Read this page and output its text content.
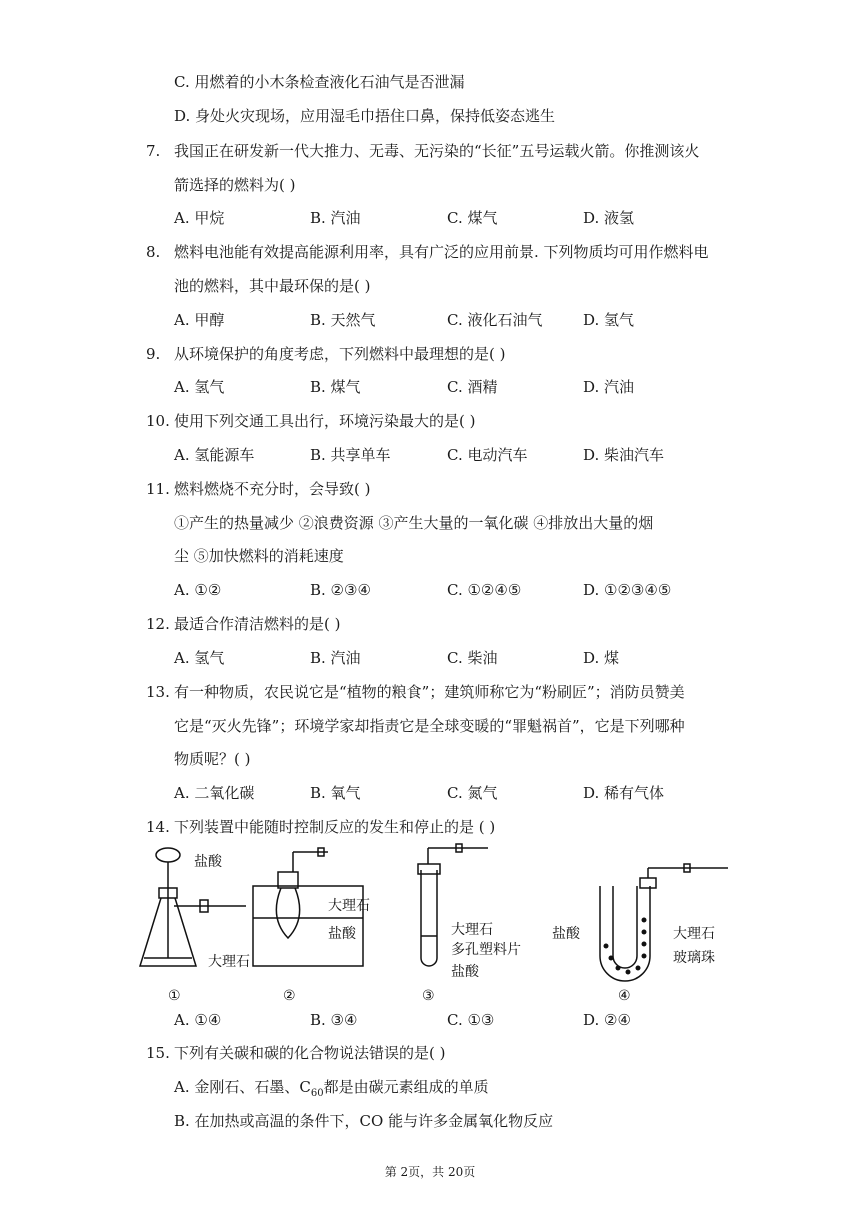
C. 用燃着的小木条检查液化石油气是否泄漏
D. 身处火灾现场，应用湿毛巾捂住口鼻，保持低姿态逃生
7. 我国正在研发新一代大推力、无毒、无污染的“长征”五号运载火箭。你推测该火
箭选择的燃料为( )
A. 甲烷	B. 汽油	C. 煤气	D. 液氢
8. 燃料电池能有效提高能源利用率，具有广泛的应用前景. 下列物质均可用作燃料电
池的燃料，其中最环保的是( )
A. 甲醇	B. 天然气	C. 液化石油气	D. 氢气
9. 从环境保护的角度考虑，下列燃料中最理想的是( )
A. 氢气	B. 煤气	C. 酒精	D. 汽油
10. 使用下列交通工具出行，环境污染最大的是( )
A. 氢能源车	B. 共享单车	C. 电动汽车	D. 柴油汽车
11. 燃料燃烧不充分时，会导致( )
①产生的热量减少 ②浪费资源 ③产生大量的一氧化碳 ④排放出大量的烟
尘 ⑤加快燃料的消耗速度
A. ①②	B. ②③④	C. ①②④⑤	D. ①②③④⑤
12. 最适合作清洁燃料的是( )
A. 氢气	B. 汽油	C. 柴油	D. 煤
13. 有一种物质，农民说它是“植物的粮食”；建筑师称它为“粉刷匠”；消防员赞美
它是“灭火先锋”；环境学家却指责它是全球变暖的“罪魁祸首”，它是下列哪种
物质呢？( )
A. 二氧化碳	B. 氧气	C. 氮气	D. 稀有气体
14. 下列装置中能随时控制反应的发生和停止的是 ( )
盐酸
大理石
大理石
盐酸	大理石
多孔塑料片
盐酸
盐酸	大理石
玻璃珠
①	②	③	④
A. ①④	B. ③④	C. ①③	D. ②④
15. 下列有关碳和碳的化合物说法错误的是( )
A. 金刚石、石墨、$C_{60}$都是由碳元素组成的单质
B. 在加热或高温的条件下，CO 能与许多金属氧化物反应
第 2页，共 20页
